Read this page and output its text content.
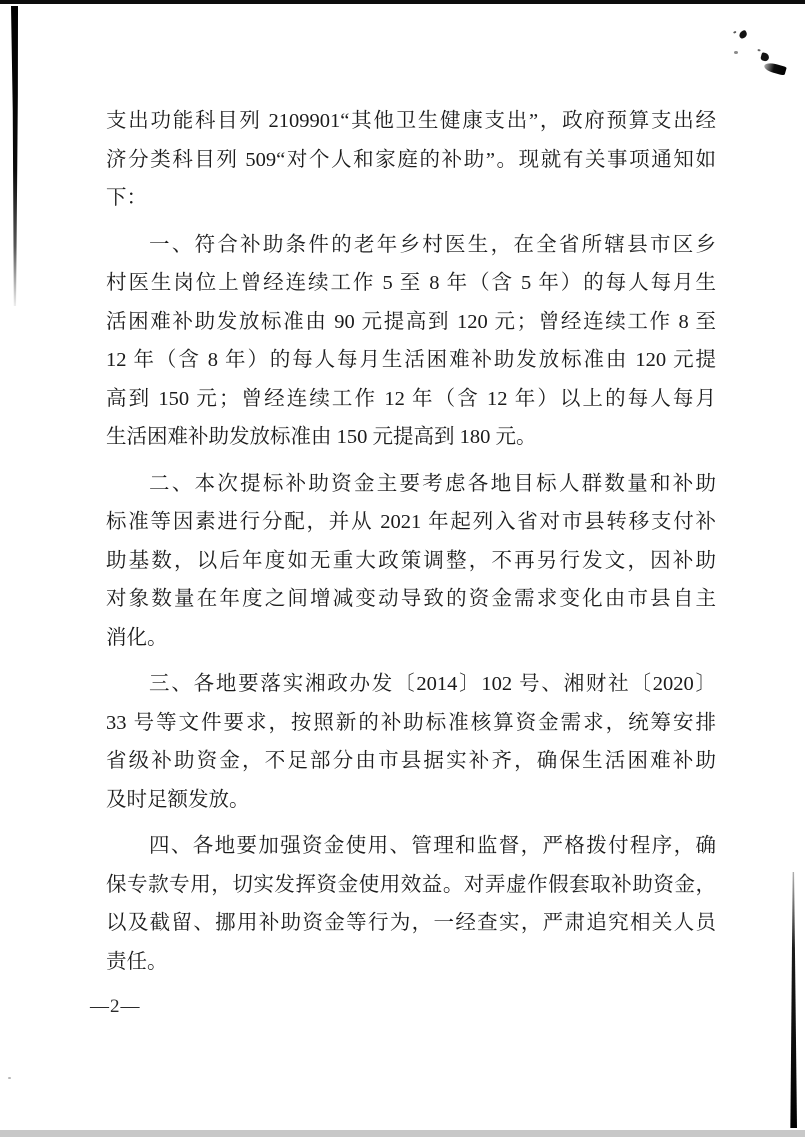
支出功能科目列 2109901“其他卫生健康支出”，政府预算支出经
济分类科目列 509“对个人和家庭的补助”。现就有关事项通知如
下：
一、符合补助条件的老年乡村医生，在全省所辖县市区乡
村医生岗位上曾经连续工作 5 至 8 年（含 5 年）的每人每月生
活困难补助发放标准由 90 元提高到 120 元；曾经连续工作 8 至
12 年（含 8 年）的每人每月生活困难补助发放标准由 120 元提
高到 150 元；曾经连续工作 12 年（含 12 年）以上的每人每月
生活困难补助发放标准由 150 元提高到 180 元。
二、本次提标补助资金主要考虑各地目标人群数量和补助
标准等因素进行分配，并从 2021 年起列入省对市县转移支付补
助基数，以后年度如无重大政策调整，不再另行发文，因补助
对象数量在年度之间增减变动导致的资金需求变化由市县自主
消化。
三、各地要落实湘政办发〔2014〕102 号、湘财社〔2020〕
33 号等文件要求，按照新的补助标准核算资金需求，统筹安排
省级补助资金，不足部分由市县据实补齐，确保生活困难补助
及时足额发放。
四、各地要加强资金使用、管理和监督，严格拨付程序，确
保专款专用，切实发挥资金使用效益。对弄虚作假套取补助资金，
以及截留、挪用补助资金等行为，一经查实，严肃追究相关人员
责任。
—2—
